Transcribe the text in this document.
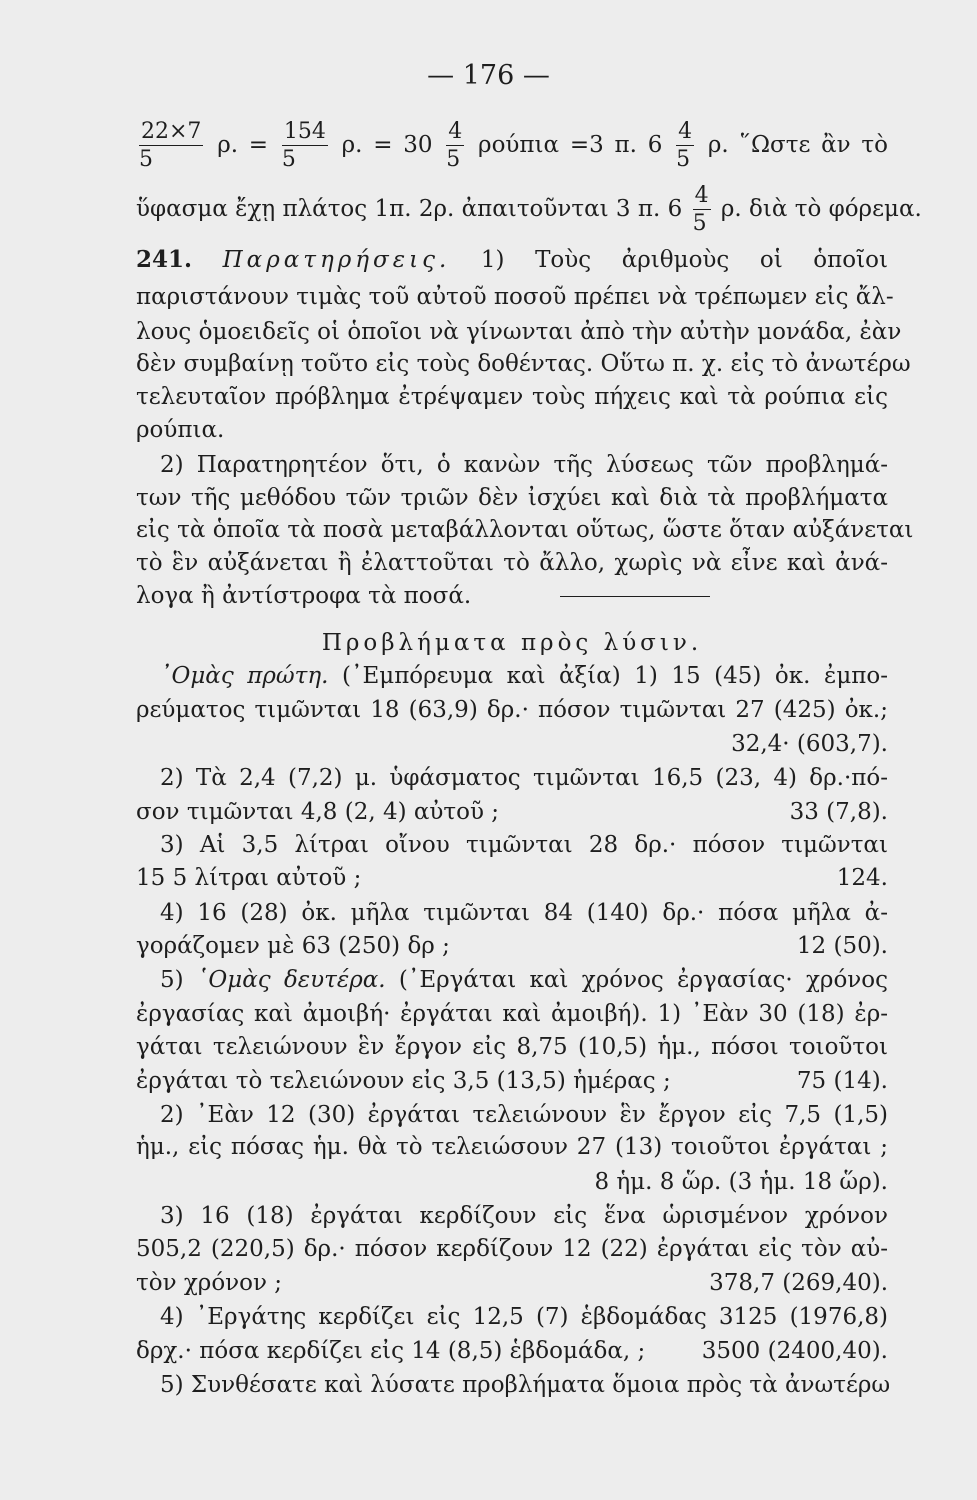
— 176 —
$\frac{22\times 7}{5} \rho$. = $\frac{154}{5} \rho$. = $30 \frac{4}{5}$ ρούπια =3 π. $6 \frac{4}{5} \rho$. ῞Ωστε ἂν τὸ
ὕφασμα ἔχῃ πλάτος 1π. 2ρ. ἀπαιτοῦνται 3 π. $6 \frac{4}{5} \rho$. διὰ τὸ φόρεμα.
241. Παρατηρήσεις. 1) Τοὺς ἀριθμοὺς οἱ ὁποῖοι
παριστάνουν τιμὰς τοῦ αὐτοῦ ποσοῦ πρέπει νὰ τρέπωμεν εἰς ἄλ-
λους ὁμοειδεῖς οἱ ὁποῖοι νὰ γίνωνται ἀπὸ τὴν αὐτὴν μονάδα, ἐὰν
δὲν συμβαίνῃ τοῦτο εἰς τοὺς δοθέντας. Οὕτω π. χ. εἰς τὸ ἀνωτέρω
τελευταῖον πρόβλημα ἐτρέψαμεν τοὺς πήχεις καὶ τὰ ρούπια εἰς
ρούπια.
2) Παρατηρητέον ὅτι, ὁ κανὼν τῆς λύσεως τῶν προβλημά-
των τῆς μεθόδου τῶν τριῶν δὲν ἰσχύει καὶ διὰ τὰ προβλήματα
εἰς τὰ ὁποῖα τὰ ποσὰ μεταβάλλονται οὕτως, ὥστε ὅταν αὐξάνεται
τὸ ἓν αὐξάνεται ἢ ἐλαττοῦται τὸ ἄλλο, χωρὶς νὰ εἶνε καὶ ἀνά-
λογα ἢ ἀντίστροφα τὰ ποσά.
Προβλήματα πρὸς λύσιν.
᾿Ομὰς πρώτη. (᾿Εμπόρευμα καὶ ἀξία) 1) 15 (45) ὀκ. ἐμπο-
ρεύματος τιμῶνται 18 (63,9) δρ.· πόσον τιμῶνται 27 (425) ὀκ.;
32,4· (603,7).
2) Τὰ 2,4 (7,2) μ. ὑφάσματος τιμῶνται 16,5 (23, 4) δρ.·πό-
σον τιμῶνται 4,8 (2, 4) αὐτοῦ ;	33 (7,8).
3) Αἱ 3,5 λίτραι οἴνου τιμῶνται 28 δρ.· πόσον τιμῶνται
15 5 λίτραι αὐτοῦ ;	124.
4) 16 (28) ὀκ. μῆλα τιμῶνται 84 (140) δρ.· πόσα μῆλα ἀ-
γοράζομεν μὲ 63 (250) δρ ;	12 (50).
5) ῾Ομὰς δευτέρα. (᾿Εργάται καὶ χρόνος ἐργασίας· χρόνος
ἐργασίας καὶ ἀμοιβή· ἐργάται καὶ ἀμοιβή). 1) ᾿Εὰν 30 (18) ἐρ-
γάται τελειώνουν ἓν ἔργον εἰς 8,75 (10,5) ἡμ., πόσοι τοιοῦτοι
ἐργάται τὸ τελειώνουν εἰς 3,5 (13,5) ἡμέρας ;	75 (14).
2) ᾿Εὰν 12 (30) ἐργάται τελειώνουν ἓν ἔργον εἰς 7,5 (1,5)
ἡμ., εἰς πόσας ἡμ. θὰ τὸ τελειώσουν 27 (13) τοιοῦτοι ἐργάται ;
8 ἡμ. 8 ὥρ. (3 ἡμ. 18 ὥρ).
3) 16 (18) ἐργάται κερδίζουν εἰς ἕνα ὡρισμένον χρόνον
505,2 (220,5) δρ.· πόσον κερδίζουν 12 (22) ἐργάται εἰς τὸν αὐ-
τὸν χρόνον ;	378,7 (269,40).
4) ᾿Εργάτης κερδίζει εἰς 12,5 (7) ἑβδομάδας 3125 (1976,8)
δρχ.· πόσα κερδίζει εἰς 14 (8,5) ἑβδομάδα, ; 3500 (2400,40).
5) Συνθέσατε καὶ λύσατε προβλήματα ὅμοια πρὸς τὰ ἀνωτέρω
